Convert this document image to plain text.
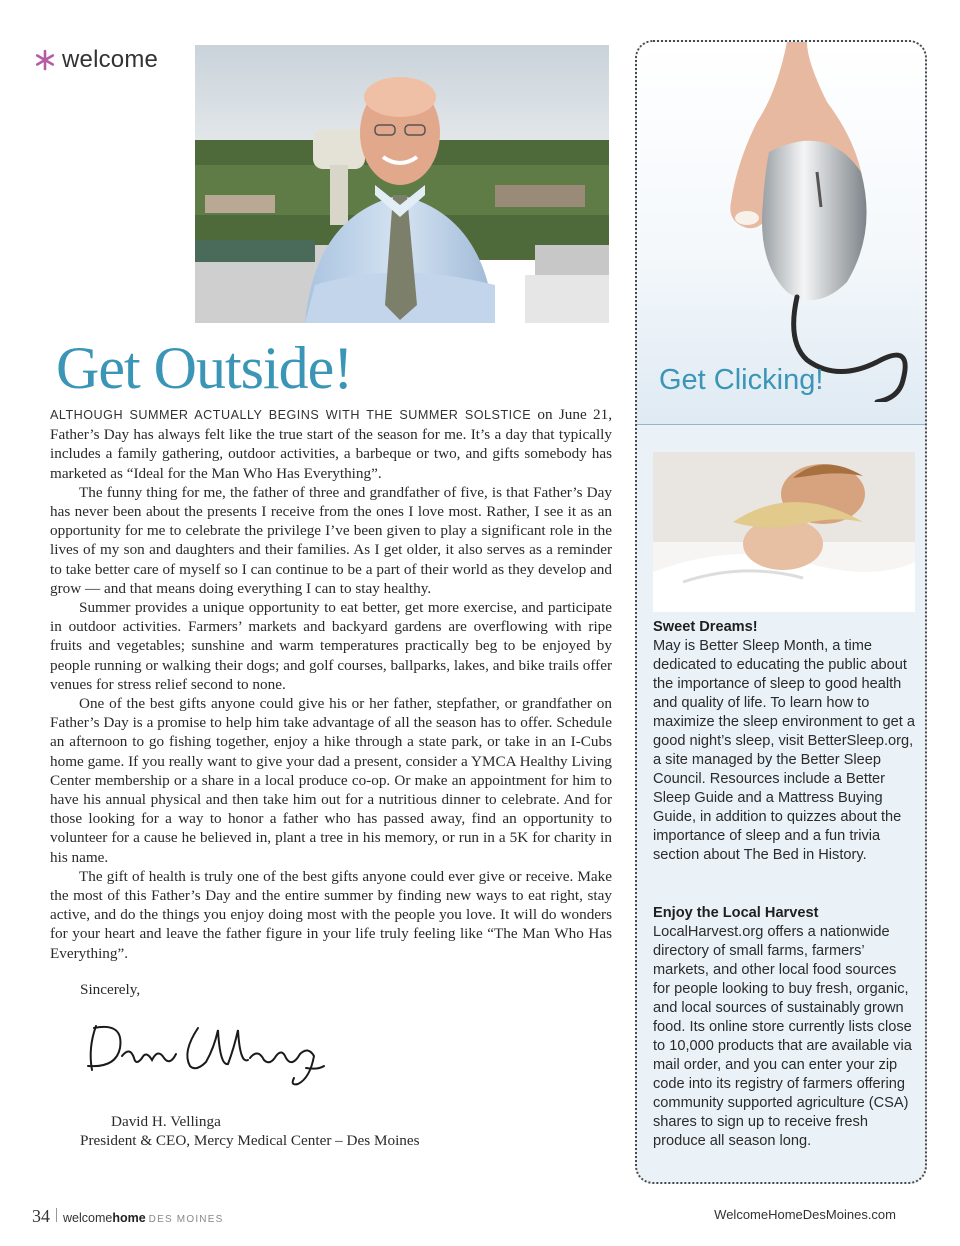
welcome
Get Outside!

ALTHOUGH SUMMER ACTUALLY BEGINS WITH THE SUMMER SOLSTICE on June 21, Father’s Day has always felt like the true start of the season for me. It’s a day that typically includes a family gathering, outdoor activities, a barbeque or two, and gifts somebody has marketed as “Ideal for the Man Who Has Everything”.

The funny thing for me, the father of three and grandfather of five, is that Father’s Day has never been about the presents I receive from the ones I love most. Rather, I see it as an opportunity for me to celebrate the privilege I’ve been given to play a significant role in the lives of my son and daughters and their families. As I get older, it also serves as a reminder to take better care of myself so I can continue to be a part of their world as they develop and grow — and that means doing everything I can to stay healthy.

Summer provides a unique opportunity to eat better, get more exercise, and participate in outdoor activities. Farmers’ markets and backyard gardens are overflowing with ripe fruits and vegetables; sunshine and warm temperatures practically beg to be enjoyed by people running or walking their dogs; and golf courses, ballparks, lakes, and bike trails offer venues for stress relief second to none.

One of the best gifts anyone could give his or her father, stepfather, or grandfather on Father’s Day is a promise to help him take advantage of all the season has to offer. Schedule an afternoon to go fishing together, enjoy a hike through a state park, or take in an I-Cubs home game. If you really want to give your dad a present, consider a YMCA Healthy Living Center membership or a share in a local produce co-op. Or make an appointment for him to have his annual physical and then take him out for a nutritious dinner to celebrate. And for those looking for a way to honor a father who has passed away, find an opportunity to volunteer for a cause he believed in, plant a tree in his memory, or run in a 5K for charity in his name.

The gift of health is truly one of the best gifts anyone could ever give or receive. Make the most of this Father’s Day and the entire summer by finding new ways to eat right, stay active, and do the things you enjoy doing most with the people you love. It will do wonders for your heart and leave the father figure in your life truly feeling like “The Man Who Has Everything”.

Sincerely,
David H. Vellinga
President & CEO, Mercy Medical Center – Des Moines
Get Clicking!

Sweet Dreams!

May is Better Sleep Month, a time dedicated to educating the public about the importance of sleep to good health and quality of life. To learn how to maximize the sleep environment to get a good night’s sleep, visit BetterSleep.org, a site managed by the Better Sleep Council. Resources include a Better Sleep Guide and a Mattress Buying Guide, in addition to quizzes about the importance of sleep and a fun trivia section about The Bed in History.

Enjoy the Local Harvest

LocalHarvest.org offers a nationwide directory of small farms, farmers’ markets, and other local food sources for people looking to buy fresh, organic, and local sources of sustainably grown food. Its online store currently lists close to 10,000 products that are available via mail order, and you can enter your zip code into its registry of farmers offering community supported agriculture (CSA) shares to sign up to receive fresh produce all season long.

34 welcomehome DES MOINES	WelcomeHomeDesMoines.com
